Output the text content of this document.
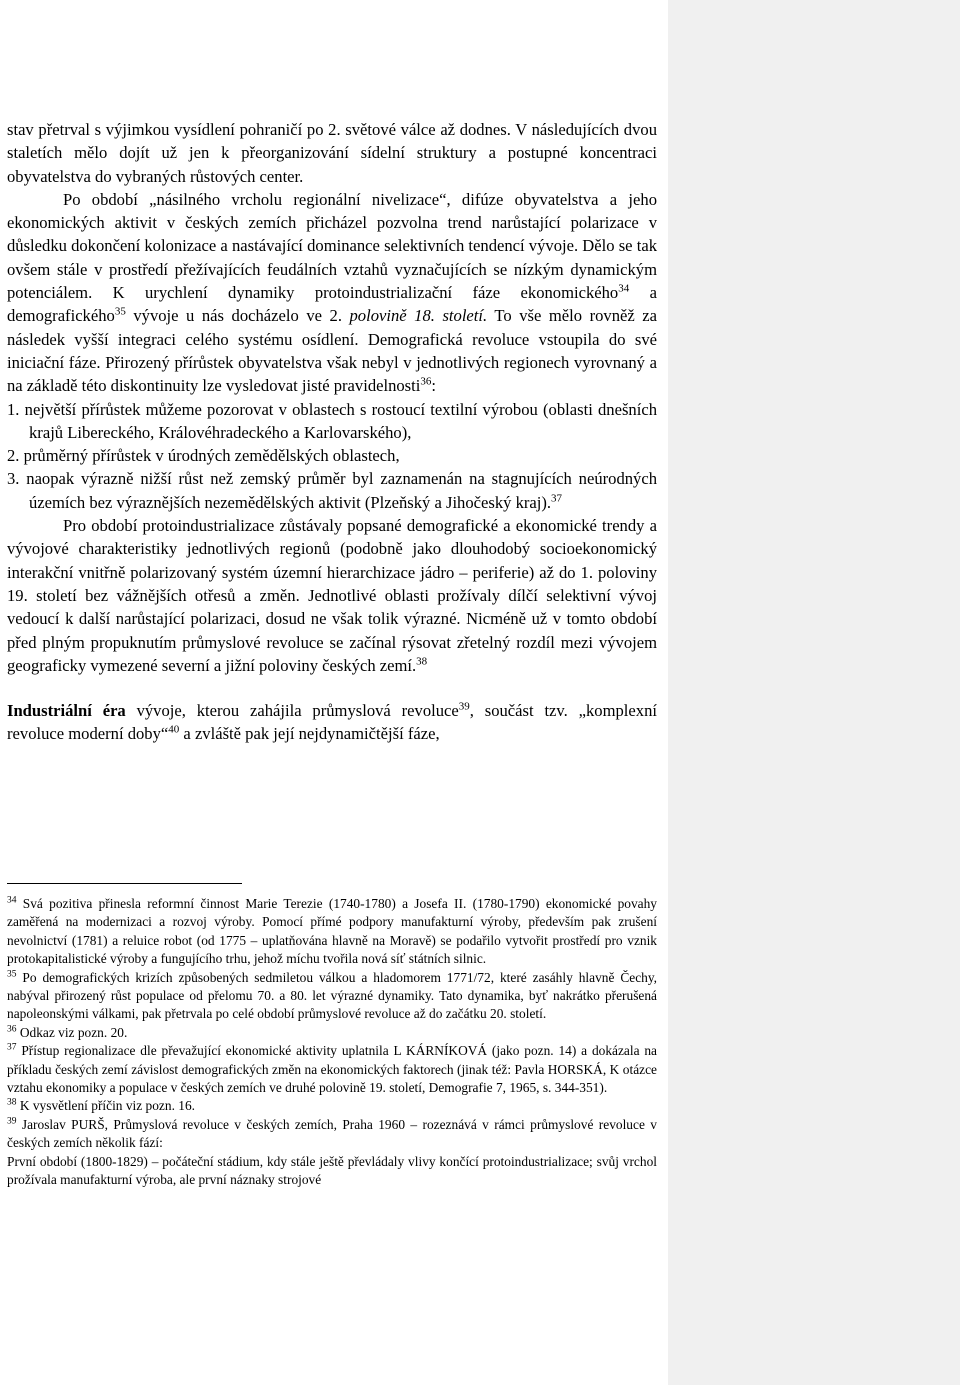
stav přetrval s výjimkou vysídlení pohraničí po 2. světové válce až dodnes. V následujících dvou staletích mělo dojít už jen k přeorganizování sídelní struktury a postupné koncentraci obyvatelstva do vybraných růstových center.

Po období „násilného vrcholu regionální nivelizace“, difúze obyvatelstva a jeho ekonomických aktivit v českých zemích přicházel pozvolna trend narůstající polarizace v důsledku dokončení kolonizace a nastávající dominance selektivních tendencí vývoje. Dělo se tak ovšem stále v prostředí přežívajících feudálních vztahů vyznačujících se nízkým dynamickým potenciálem. K urychlení dynamiky protoindustrializační fáze ekonomického$^{34}$ a demografického$^{35}$ vývoje u nás docházelo ve 2. polovině 18. století. To vše mělo rovněž za následek vyšší integraci celého systému osídlení. Demografická revoluce vstoupila do své iniciační fáze. Přirozený přírůstek obyvatelstva však nebyl v jednotlivých regionech vyrovnaný a na základě této diskontinuity lze vysledovat jisté pravidelnosti$^{36}$:

1. největší přírůstek můžeme pozorovat v oblastech s rostoucí textilní výrobou (oblasti dnešních krajů Libereckého, Královéhradeckého a Karlovarského),

2. průměrný přírůstek v úrodných zemědělských oblastech,

3. naopak výrazně nižší růst než zemský průměr byl zaznamenán na stagnujících neúrodných územích bez výraznějších nezemědělských aktivit (Plzeňský a Jihočeský kraj).$^{37}$

Pro období protoindustrializace zůstávaly popsané demografické a ekonomické trendy a vývojové charakteristiky jednotlivých regionů (podobně jako dlouhodobý socioekonomický interakční vnitřně polarizovaný systém územní hierarchizace jádro – periferie) až do 1. poloviny 19. století bez vážnějších otřesů a změn. Jednotlivé oblasti prožívaly dílčí selektivní vývoj vedoucí k další narůstající polarizaci, dosud ne však tolik výrazné. Nicméně už v tomto období před plným propuknutím průmyslové revoluce se začínal rýsovat zřetelný rozdíl mezi vývojem geograficky vymezené severní a jižní poloviny českých zemí.$^{38}$

Industriální éra vývoje, kterou zahájila průmyslová revoluce$^{39}$, součást tzv. „komplexní revoluce moderní doby“$^{40}$ a zvláště pak její nejdynamičtější fáze,

$^{34}$ Svá pozitiva přinesla reformní činnost Marie Terezie (1740-1780) a Josefa II. (1780-1790) ekonomické povahy zaměřená na modernizaci a rozvoj výroby. Pomocí přímé podpory manufakturní výroby, především pak zrušení nevolnictví (1781) a reluice robot (od 1775 – uplatňována hlavně na Moravě) se podařilo vytvořit prostředí pro vznik protokapitalistické výroby a fungujícího trhu, jehož míchu tvořila nová síť státních silnic.

$^{35}$ Po demografických krizích způsobených sedmiletou válkou a hladomorem 1771/72, které zasáhly hlavně Čechy, nabýval přirozený růst populace od přelomu 70. a 80. let výrazné dynamiky. Tato dynamika, byť nakrátko přerušená napoleonskými válkami, pak přetrvala po celé období průmyslové revoluce až do začátku 20. století.

$^{36}$ Odkaz viz pozn. 20.

$^{37}$ Přístup regionalizace dle převažující ekonomické aktivity uplatnila L KÁRNÍKOVÁ (jako pozn. 14) a dokázala na příkladu českých zemí závislost demografických změn na ekonomických faktorech (jinak též: Pavla HORSKÁ, K otázce vztahu ekonomiky a populace v českých zemích ve druhé polovině 19. století, Demografie 7, 1965, s. 344-351).

$^{38}$ K vysvětlení příčin viz pozn. 16.

$^{39}$ Jaroslav PURŠ, Průmyslová revoluce v českých zemích, Praha 1960 – rozeznává v rámci průmyslové revoluce v českých zemích několik fází:

První období (1800-1829) – počáteční stádium, kdy stále ještě převládaly vlivy končící protoindustrializace; svůj vrchol prožívala manufakturní výroba, ale první náznaky strojové
